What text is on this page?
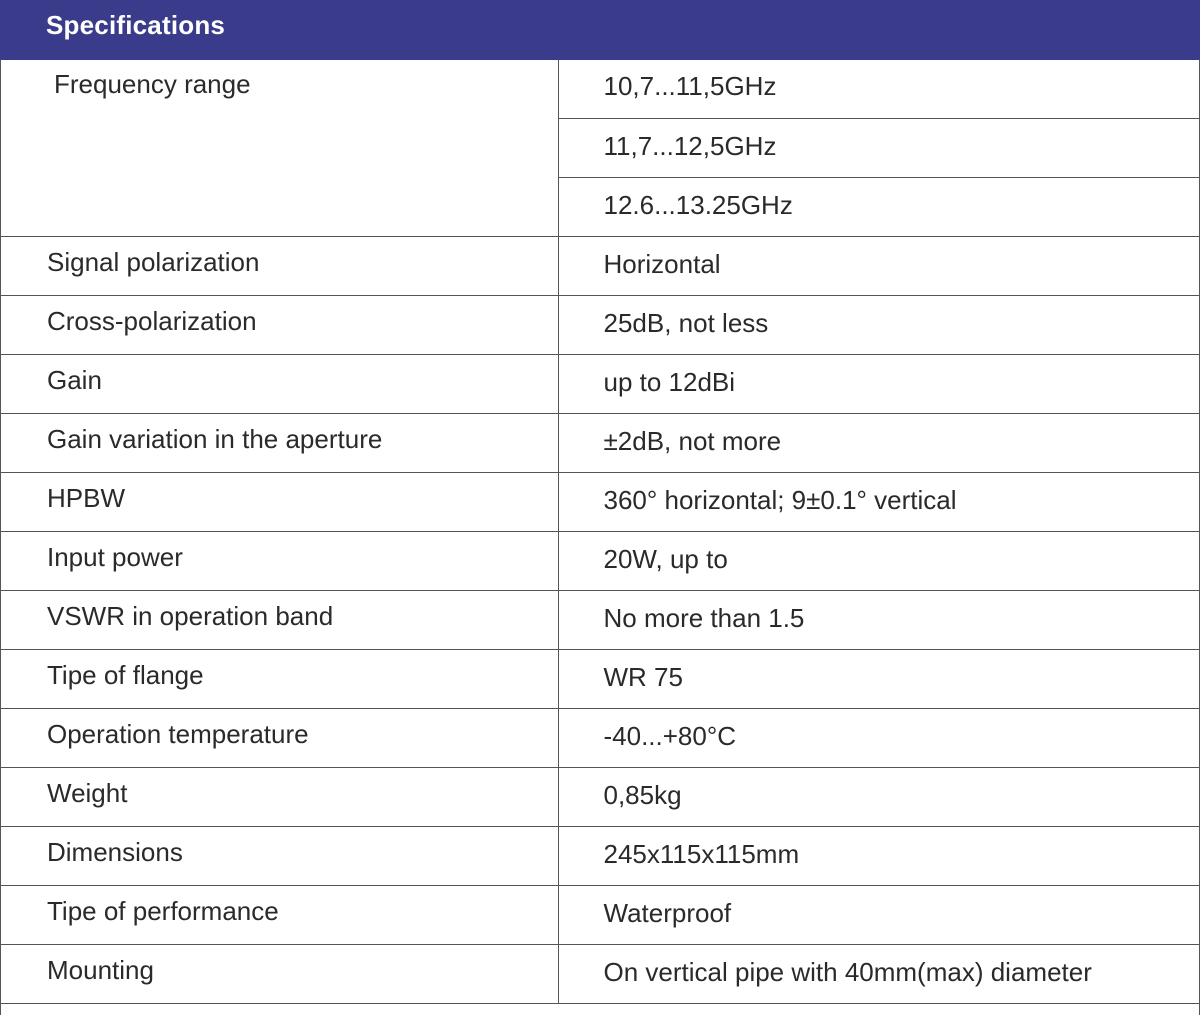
Specifications
Frequency range	10,7...11,5GHz
	11,7...12,5GHz
	12.6...13.25GHz
Signal polarization	Horizontal
Cross-polarization	25dB, not less
Gain	up to 12dBi
Gain variation in the aperture	±2dB, not more
HPBW	360° horizontal; 9±0.1° vertical
Input power	20W, up to
VSWR in operation band	No more than 1.5
Tipe of flange	WR 75
Operation temperature	-40...+80°C
Weight	0,85kg
Dimensions	245x115x115mm
Tipe of performance	Waterproof
Mounting	On vertical pipe with 40mm(max) diameter
